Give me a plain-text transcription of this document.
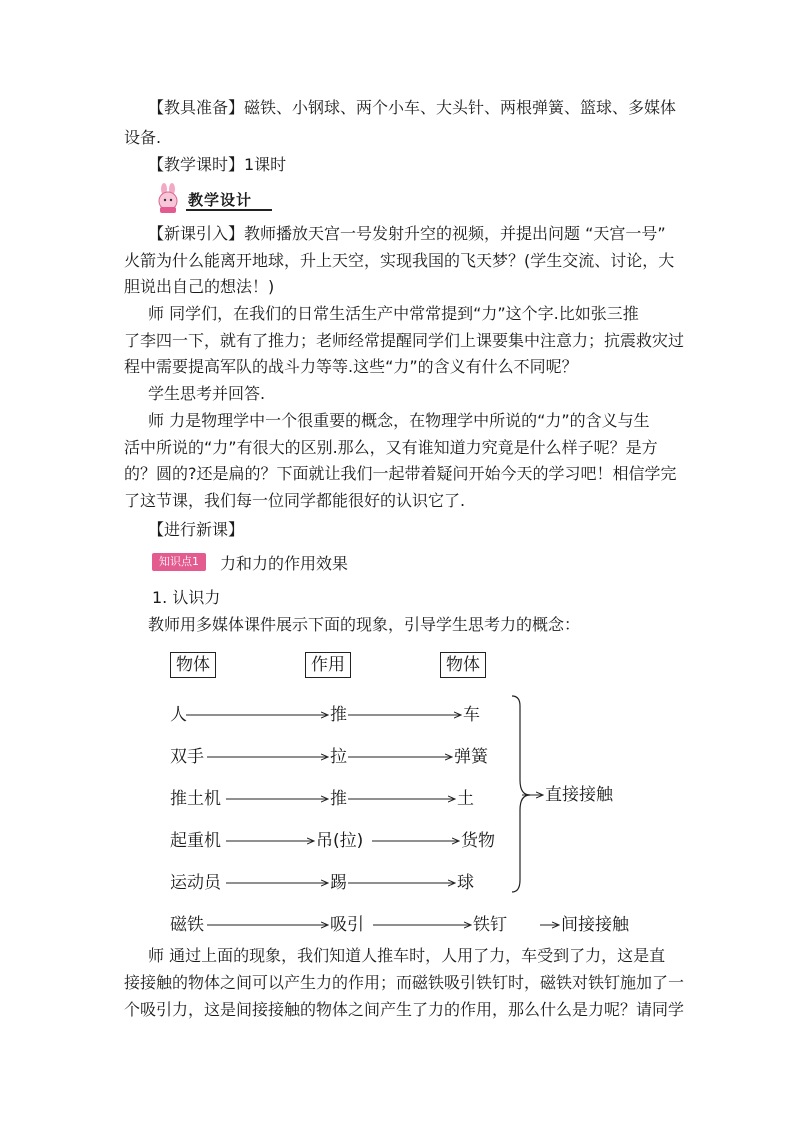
【教具准备】磁铁、小钢球、两个小车、大头针、两根弹簧、篮球、多媒体
设备.
【教学课时】1课时
教学设计
【新课引入】教师播放天宫一号发射升空的视频，并提出问题 “天宫一号”
火箭为什么能离开地球，升上天空，实现我国的飞天梦？(学生交流、讨论，大
胆说出自己的想法！)
师 同学们，在我们的日常生活生产中常常提到“力”这个字.比如张三推
了李四一下，就有了推力；老师经常提醒同学们上课要集中注意力；抗震救灾过
程中需要提高军队的战斗力等等.这些“力”的含义有什么不同呢？
学生思考并回答.
师 力是物理学中一个很重要的概念，在物理学中所说的“力”的含义与生
活中所说的“力”有很大的区别.那么，又有谁知道力究竟是什么样子呢？是方
的？圆的?还是扁的？下面就让我们一起带着疑问开始今天的学习吧！相信学完
了这节课，我们每一位同学都能很好的认识它了.
【进行新课】
知识点1	力和力的作用效果
1. 认识力
教师用多媒体课件展示下面的现象，引导学生思考力的概念：
物体	作用	物体
人	推	车
双手	拉	弹簧
推土机	推	土
起重机	吊(拉)	货物
运动员	踢	球
直接接触
磁铁	吸引	铁钉	间接接触
师 通过上面的现象，我们知道人推车时，人用了力，车受到了力，这是直
接接触的物体之间可以产生力的作用；而磁铁吸引铁钉时，磁铁对铁钉施加了一
个吸引力，这是间接接触的物体之间产生了力的作用，那么什么是力呢？请同学
